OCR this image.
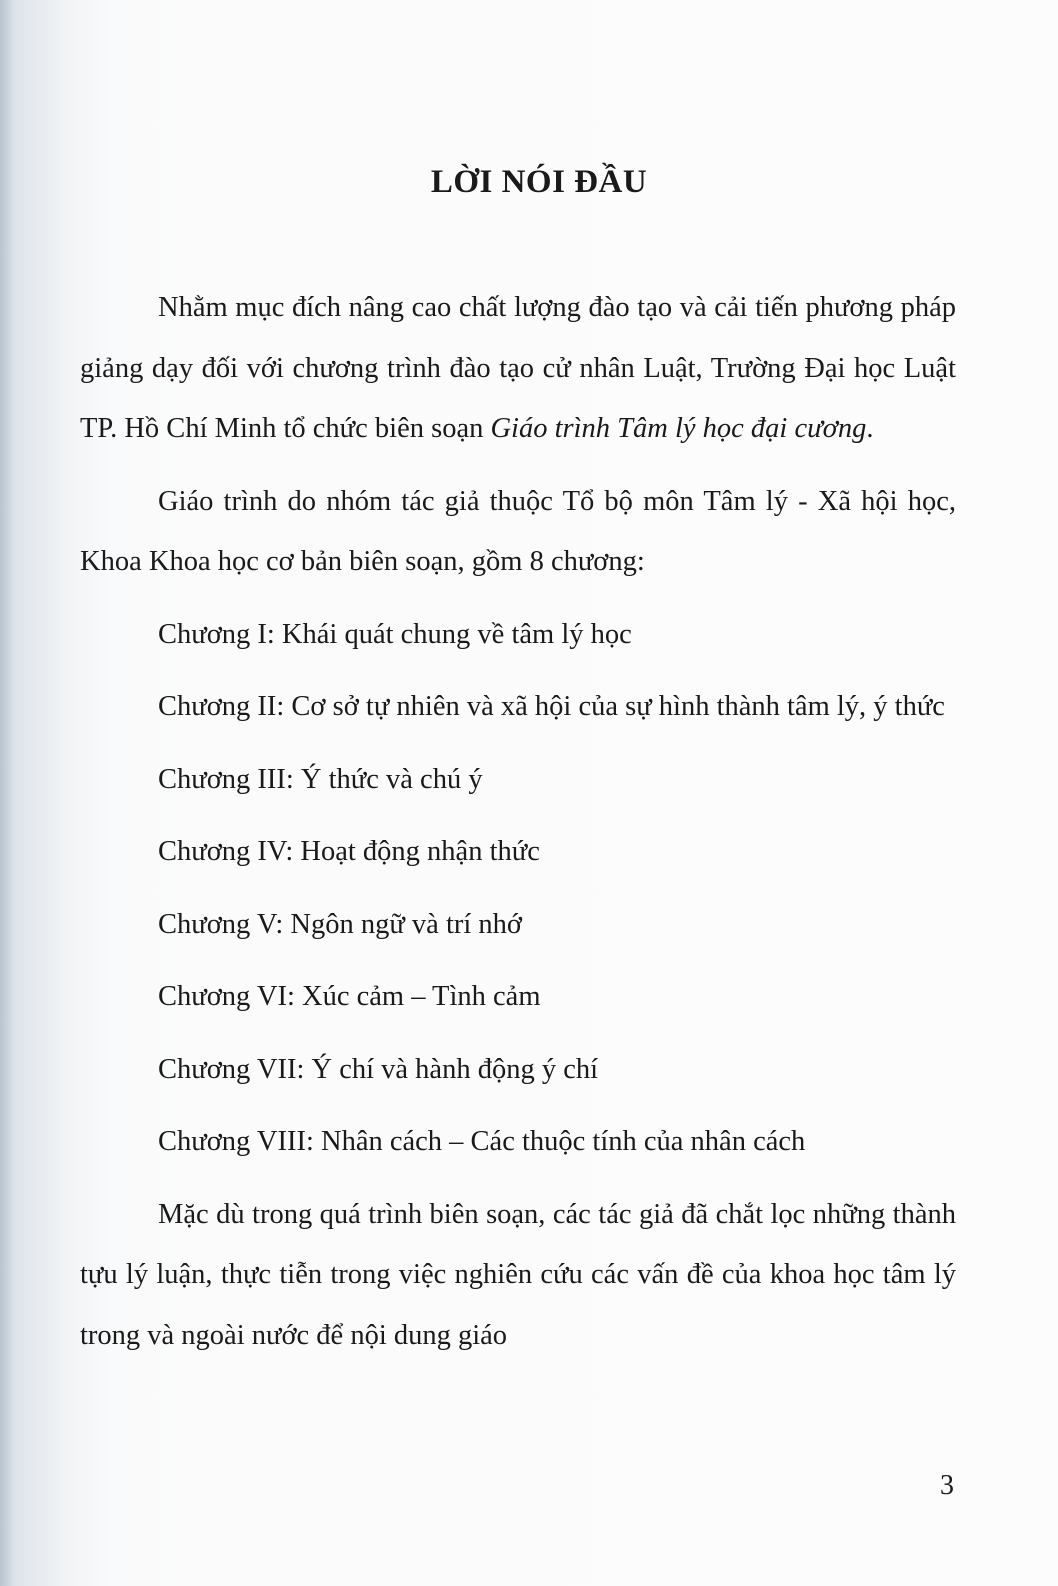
LỜI NÓI ĐẦU

Nhằm mục đích nâng cao chất lượng đào tạo và cải tiến phương pháp giảng dạy đối với chương trình đào tạo cử nhân Luật, Trường Đại học Luật TP. Hồ Chí Minh tổ chức biên soạn Giáo trình Tâm lý học đại cương.

Giáo trình do nhóm tác giả thuộc Tổ bộ môn Tâm lý - Xã hội học, Khoa Khoa học cơ bản biên soạn, gồm 8 chương:

Chương I: Khái quát chung về tâm lý học
Chương II: Cơ sở tự nhiên và xã hội của sự hình thành tâm lý, ý thức
Chương III: Ý thức và chú ý
Chương IV: Hoạt động nhận thức
Chương V: Ngôn ngữ và trí nhớ
Chương VI: Xúc cảm – Tình cảm
Chương VII: Ý chí và hành động ý chí
Chương VIII: Nhân cách – Các thuộc tính của nhân cách

Mặc dù trong quá trình biên soạn, các tác giả đã chắt lọc những thành tựu lý luận, thực tiễn trong việc nghiên cứu các vấn đề của khoa học tâm lý trong và ngoài nước để nội dung giáo

3
